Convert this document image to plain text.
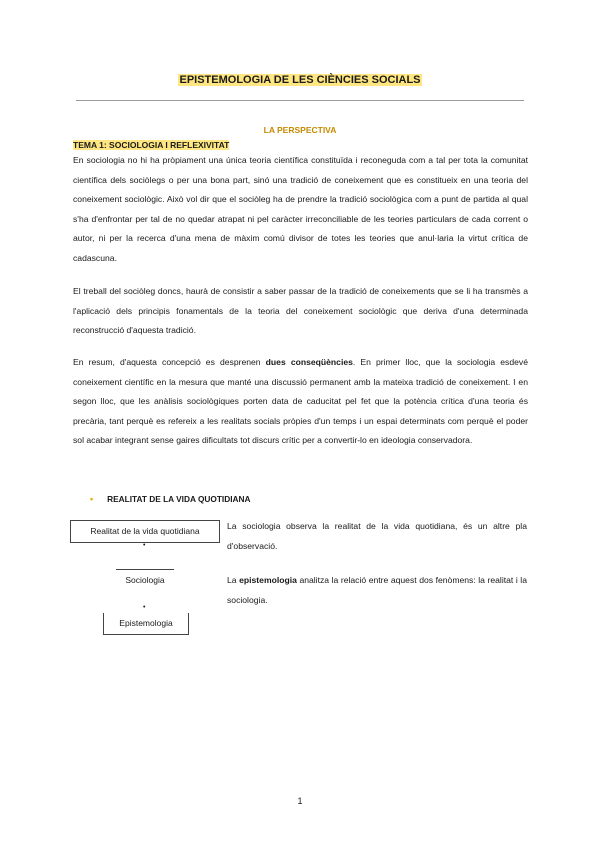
EPISTEMOLOGIA DE LES CIÈNCIES SOCIALS

LA PERSPECTIVA

TEMA 1: SOCIOLOGIA I REFLEXIVITAT

En sociologia no hi ha pròpiament una única teoria científica constituïda i reconeguda com a tal per tota la comunitat científica dels sociòlegs o per una bona part, sinó una tradició de coneixement que es constitueix en una teoria del coneixement sociològic. Això vol dir que el sociòleg ha de prendre la tradició sociològica com a punt de partida al qual s'ha d'enfrontar per tal de no quedar atrapat ni pel caràcter irreconciliable de les teories particulars de cada corrent o autor, ni per la recerca d'una mena de màxim comú divisor de totes les teories que anul·laria la virtut crítica de cadascuna.

El treball del sociòleg doncs, haurà de consistir a saber passar de la tradició de coneixements que se li ha transmès a l'aplicació dels principis fonamentals de la teoria del coneixement sociològic que deriva d'una determinada reconstrucció d'aquesta tradició.

En resum, d'aquesta concepció es desprenen dues conseqüències. En primer lloc, que la sociologia esdevé coneixement científic en la mesura que manté una discussió permanent amb la mateixa tradició de coneixement. I en segon lloc, que les anàlisis sociològiques porten data de caducitat pel fet que la potència crítica d'una teoria és precària, tant perquè es refereix a les realitats socials pròpies d'un temps i un espai determinats com perquè el poder sol acabar integrant sense gaires dificultats tot discurs crític per a convertir-lo en ideologia conservadora.

• REALITAT DE LA VIDA QUOTIDIANA

Realitat de la vida quotidiana
•
Sociologia
•
Epistemologia

La sociologia observa la realitat de la vida quotidiana, és un altre pla d'observació.

La epistemologia analitza la relació entre aquest dos fenòmens: la realitat i la sociologia.

1
